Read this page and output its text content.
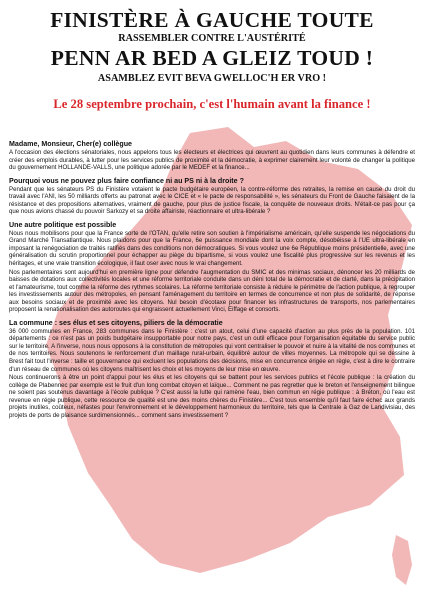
FINISTÈRE À GAUCHE TOUTE
RASSEMBLER CONTRE L'AUSTÉRITÉ
PENN AR BED A GLEIZ TOUD !
ASAMBLEZ EVIT BEVA GWELLOC'H ER VRO !
Le 28 septembre prochain, c'est l'humain avant la finance !
Madame, Monsieur, Cher(e) collègue

A l'occasion des élections sénatoriales, nous appelons tous les électeurs et électrices qui œuvrent au quotidien dans leurs communes à défendre et créer des emplois durables, à lutter pour les services publics de proximité et la démocratie, à exprimer clairement leur volonté de changer la politique du gouvernement HOLLANDE-VALLS, une politique adorée par le MEDEF et la finance...

Pourquoi vous ne pouvez plus faire confiance ni au PS ni à la droite ?

Pendant que les sénateurs PS du Finistère votaient le pacte budgétaire européen, la contre-réforme des retraites, la remise en cause du droit du travail avec l'ANI, les 50 milliards offerts au patronat avec le CICE et « le pacte de responsabilité », les sénateurs du Front de Gauche faisaient de la résistance et des propositions alternatives, vraiment de gauche, pour plus de justice fiscale, la conquête de nouveaux droits. N'était-ce pas pour ça que nous avions chassé du pouvoir Sarkozy et sa droite affairiste, réactionnaire et ultra-libérale ?

Une autre politique est possible

Nous nous mobilisons pour que la France sorte de l'OTAN, qu'elle retire son soutien à l'impérialisme américain, qu'elle suspende les négociations du Grand Marché Transatlantique. Nous plaidons pour que la France, 6e puissance mondiale dont la voix compte, désobéisse à l'UE ultra-libérale en imposant la renégociation de traités ratifiés dans des conditions non démocratiques. Si vous voulez une 6e République moins présidentielle, avec une généralisation du scrutin proportionnel pour échapper au piège du bipartisme, si vous voulez une fiscalité plus progressive sur les revenus et les héritages, et une vraie transition écologique, il faut oser avec nous le vrai changement.

Nos parlementaires sont aujourd'hui en première ligne pour défendre l'augmentation du SMIC et des minimas sociaux, dénoncer les 20 milliards de baisses de dotations aux collectivités locales et une réforme territoriale conduite dans un déni total de la démocratie et de clarté, dans la précipitation et l'amateurisme, tout comme la réforme des rythmes scolaires. La réforme territoriale consiste à réduire le périmètre de l'action publique, à regrouper les investissements autour des métropoles, en pensant l'aménagement du territoire en termes de concurrence et non plus de solidarité, de réponse aux besoins sociaux et de proximité avec les citoyens. Nul besoin d'écotaxe pour financer les infrastructures de transports, nos parlementaires proposent la renationalisation des autoroutes qui engraissent actuellement Vinci, Eiffage et consorts.

La commune : ses élus et ses citoyens, piliers de la démocratie

36 000 communes en France, 283 communes dans le Finistère : c'est un atout, celui d'une capacité d'action au plus près de la population. 101 départements : ce n'est pas un poids budgétaire insupportable pour notre pays, c'est un outil efficace pour l'organisation équitable du service public sur le territoire. A l'inverse, nous nous opposons à la constitution de métropoles qui vont centraliser le pouvoir et nuire à la vitalité de nos communes et de nos territoires. Nous soutenons le renforcement d'un maillage rural-urbain, équilibré autour de villes moyennes. La métropole qui se dessine à Brest fait tout l'inverse : taille et gouvernance qui excluent les populations des décisions, mise en concurrence érigée en règle, c'est à dire le contraire d'un réseau de communes où les citoyens maîtrisent les choix et les moyens de leur mise en œuvre.

Nous continuerons à être un point d'appui pour les élus et les citoyens qui se battent pour les services publics et l'école publique : la création du collège de Plabennec par exemple est le fruit d'un long combat citoyen et laïque... Comment ne pas regretter que le breton et l'enseignement bilingue ne soient pas soutenus davantage à l'école publique ? C'est aussi la lutte qui ramène l'eau, bien commun en régie publique : à Bréton, où l'eau est revenue en régie publique, cette ressource de qualité est une des moins chères du Finistère... C'est tous ensemble qu'il faut faire échec aux grands projets inutiles, coûteux, néfastes pour l'environnement et le développement harmonieux du territoire, tels que la Centrale à Gaz de Landivisiau, des projets de ports de plaisance surdimensionnés... comment sans investissement ?
